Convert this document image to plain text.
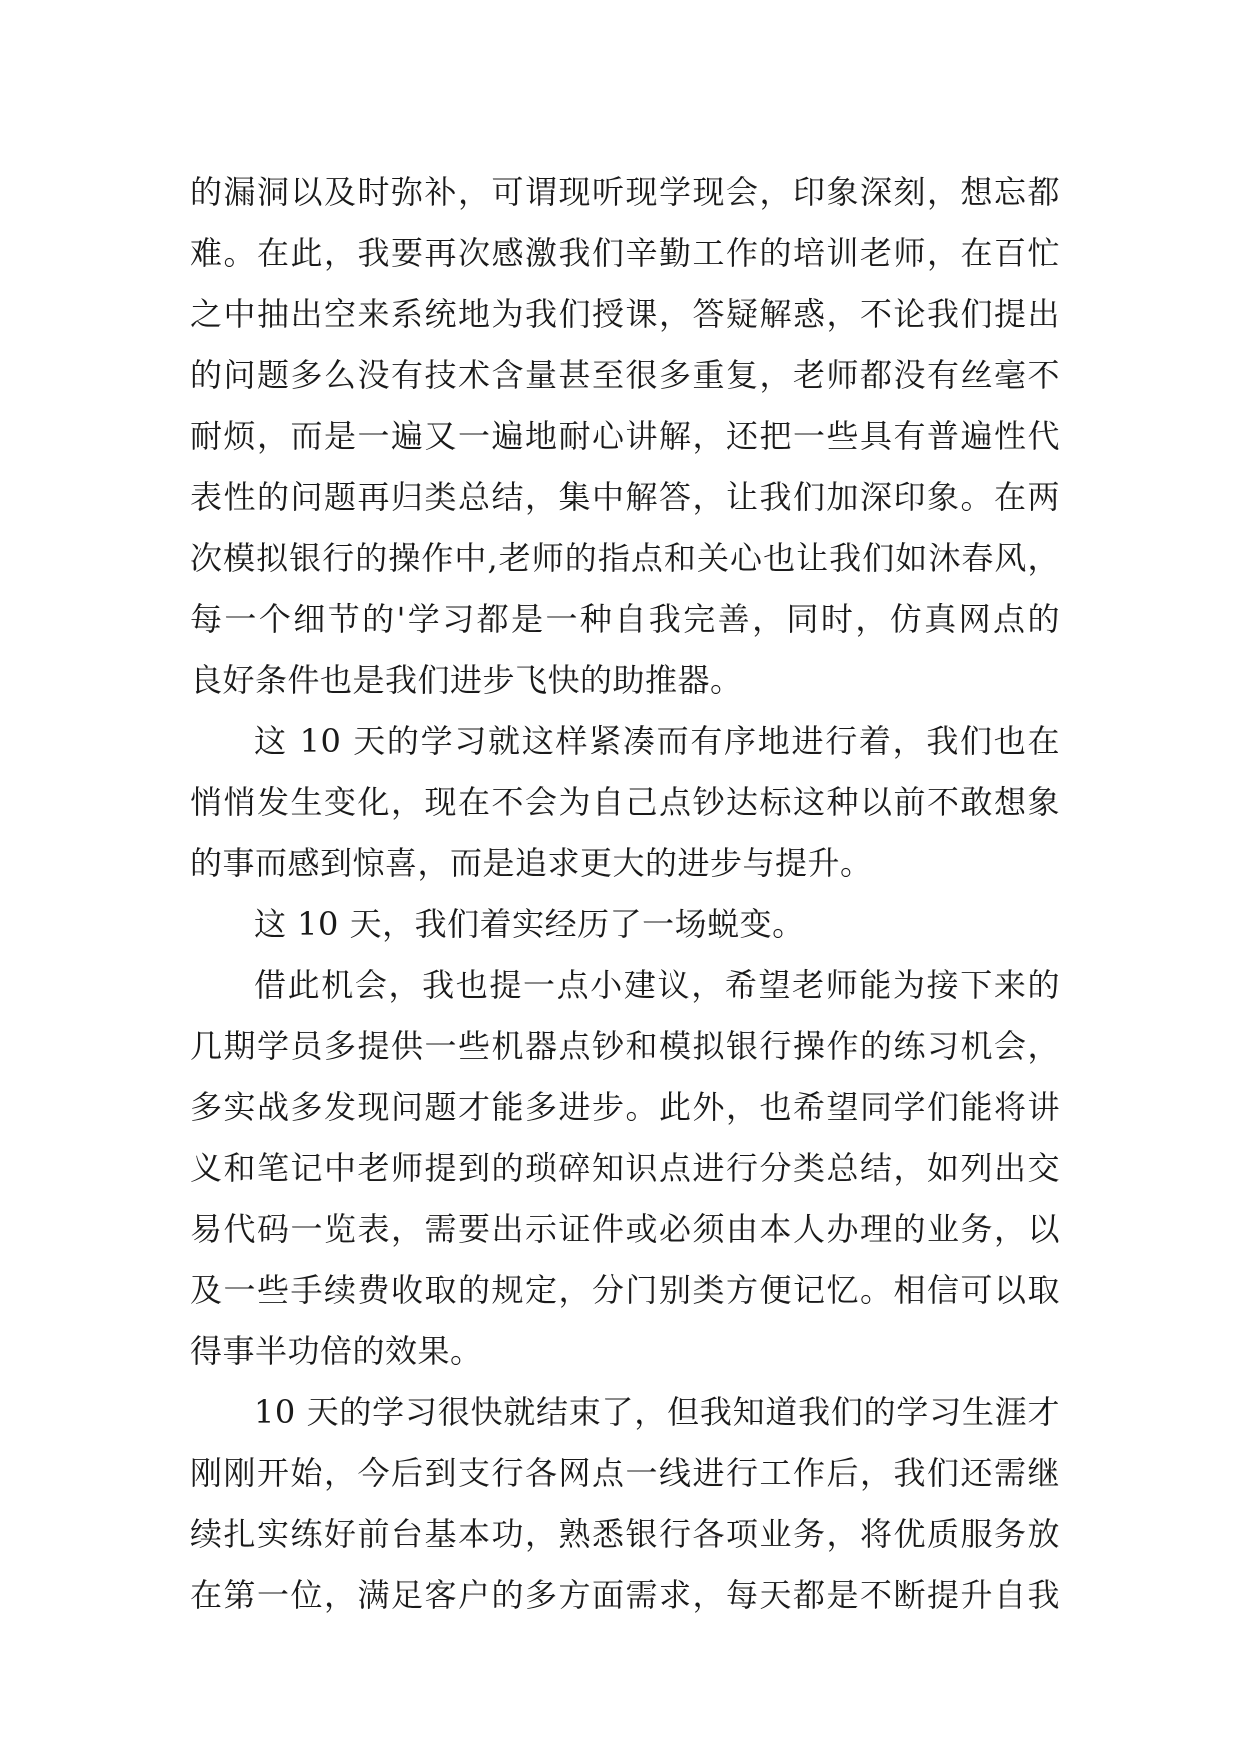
的漏洞以及时弥补，可谓现听现学现会，印象深刻，想忘都
难。在此，我要再次感激我们辛勤工作的培训老师，在百忙
之中抽出空来系统地为我们授课，答疑解惑，不论我们提出
的问题多么没有技术含量甚至很多重复，老师都没有丝毫不
耐烦，而是一遍又一遍地耐心讲解，还把一些具有普遍性代
表性的问题再归类总结，集中解答，让我们加深印象。在两
次模拟银行的操作中,老师的指点和关心也让我们如沐春风，
每一个细节的'学习都是一种自我完善，同时，仿真网点的
良好条件也是我们进步飞快的助推器。
这 10 天的学习就这样紧凑而有序地进行着，我们也在
悄悄发生变化，现在不会为自己点钞达标这种以前不敢想象
的事而感到惊喜，而是追求更大的进步与提升。
这 10 天，我们着实经历了一场蜕变。
借此机会，我也提一点小建议，希望老师能为接下来的
几期学员多提供一些机器点钞和模拟银行操作的练习机会，
多实战多发现问题才能多进步。此外，也希望同学们能将讲
义和笔记中老师提到的琐碎知识点进行分类总结，如列出交
易代码一览表，需要出示证件或必须由本人办理的业务，以
及一些手续费收取的规定，分门别类方便记忆。相信可以取
得事半功倍的效果。
10 天的学习很快就结束了，但我知道我们的学习生涯才
刚刚开始，今后到支行各网点一线进行工作后，我们还需继
续扎实练好前台基本功，熟悉银行各项业务，将优质服务放
在第一位，满足客户的多方面需求，每天都是不断提升自我
